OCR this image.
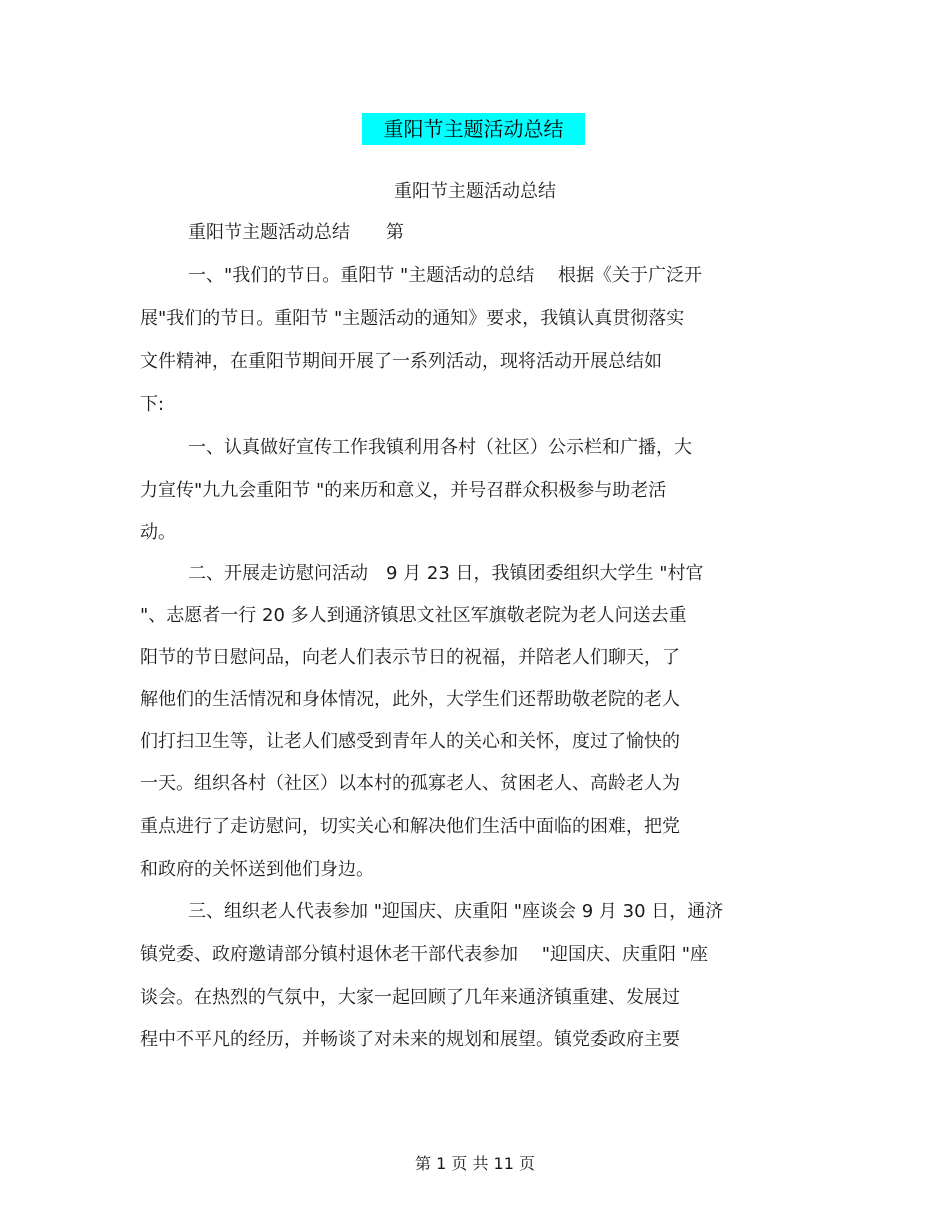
重阳节主题活动总结
重阳节主题活动总结
重阳节主题活动总结　　第
一、"我们的节日。重阳节 "主题活动的总结　 根据《关于广泛开
展"我们的节日。重阳节 "主题活动的通知》要求，我镇认真贯彻落实
文件精神，在重阳节期间开展了一系列活动，现将活动开展总结如
下:
一、认真做好宣传工作我镇利用各村（社区）公示栏和广播，大
力宣传"九九会重阳节 "的来历和意义，并号召群众积极参与助老活
动。
二、开展走访慰问活动　9 月 23 日，我镇团委组织大学生 "村官
"、志愿者一行 20 多人到通济镇思文社区军旗敬老院为老人问送去重
阳节的节日慰问品，向老人们表示节日的祝福，并陪老人们聊天，了
解他们的生活情况和身体情况，此外，大学生们还帮助敬老院的老人
们打扫卫生等，让老人们感受到青年人的关心和关怀，度过了愉快的
一天。组织各村（社区）以本村的孤寡老人、贫困老人、高龄老人为
重点进行了走访慰问，切实关心和解决他们生活中面临的困难，把党
和政府的关怀送到他们身边。
三、组织老人代表参加 "迎国庆、庆重阳 "座谈会 9 月 30 日，通济
镇党委、政府邀请部分镇村退休老干部代表参加　 "迎国庆、庆重阳 "座
谈会。在热烈的气氛中，大家一起回顾了几年来通济镇重建、发展过
程中不平凡的经历，并畅谈了对未来的规划和展望。镇党委政府主要
第 1 页 共 11 页
